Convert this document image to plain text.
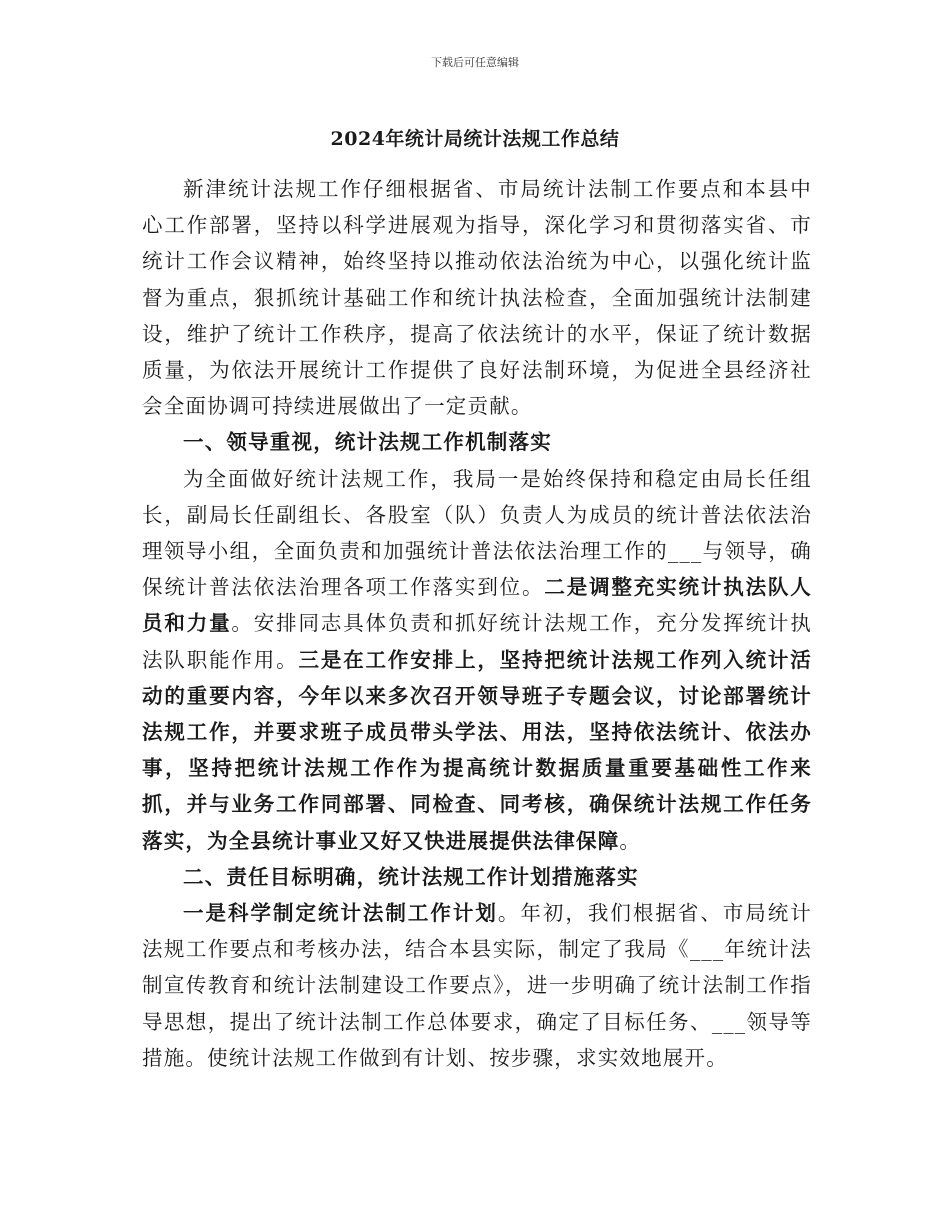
下载后可任意编辑
2024年统计局统计法规工作总结

新津统计法规工作仔细根据省、市局统计法制工作要点和本县中心工作部署，坚持以科学进展观为指导，深化学习和贯彻落实省、市统计工作会议精神，始终坚持以推动依法治统为中心，以强化统计监督为重点，狠抓统计基础工作和统计执法检查，全面加强统计法制建设，维护了统计工作秩序，提高了依法统计的水平，保证了统计数据质量，为依法开展统计工作提供了良好法制环境，为促进全县经济社会全面协调可持续进展做出了一定贡献。

一、领导重视，统计法规工作机制落实

为全面做好统计法规工作，我局一是始终保持和稳定由局长任组长，副局长任副组长、各股室（队）负责人为成员的统计普法依法治理领导小组，全面负责和加强统计普法依法治理工作的___与领导，确保统计普法依法治理各项工作落实到位。二是调整充实统计执法队人员和力量。安排同志具体负责和抓好统计法规工作，充分发挥统计执法队职能作用。三是在工作安排上，坚持把统计法规工作列入统计活动的重要内容，今年以来多次召开领导班子专题会议，讨论部署统计法规工作，并要求班子成员带头学法、用法，坚持依法统计、依法办事，坚持把统计法规工作作为提高统计数据质量重要基础性工作来抓，并与业务工作同部署、同检查、同考核，确保统计法规工作任务落实，为全县统计事业又好又快进展提供法律保障。

二、责任目标明确，统计法规工作计划措施落实

一是科学制定统计法制工作计划。年初，我们根据省、市局统计法规工作要点和考核办法，结合本县实际，制定了我局《___年统计法制宣传教育和统计法制建设工作要点》，进一步明确了统计法制工作指导思想，提出了统计法制工作总体要求，确定了目标任务、___领导等措施。使统计法规工作做到有计划、按步骤，求实效地展开。
